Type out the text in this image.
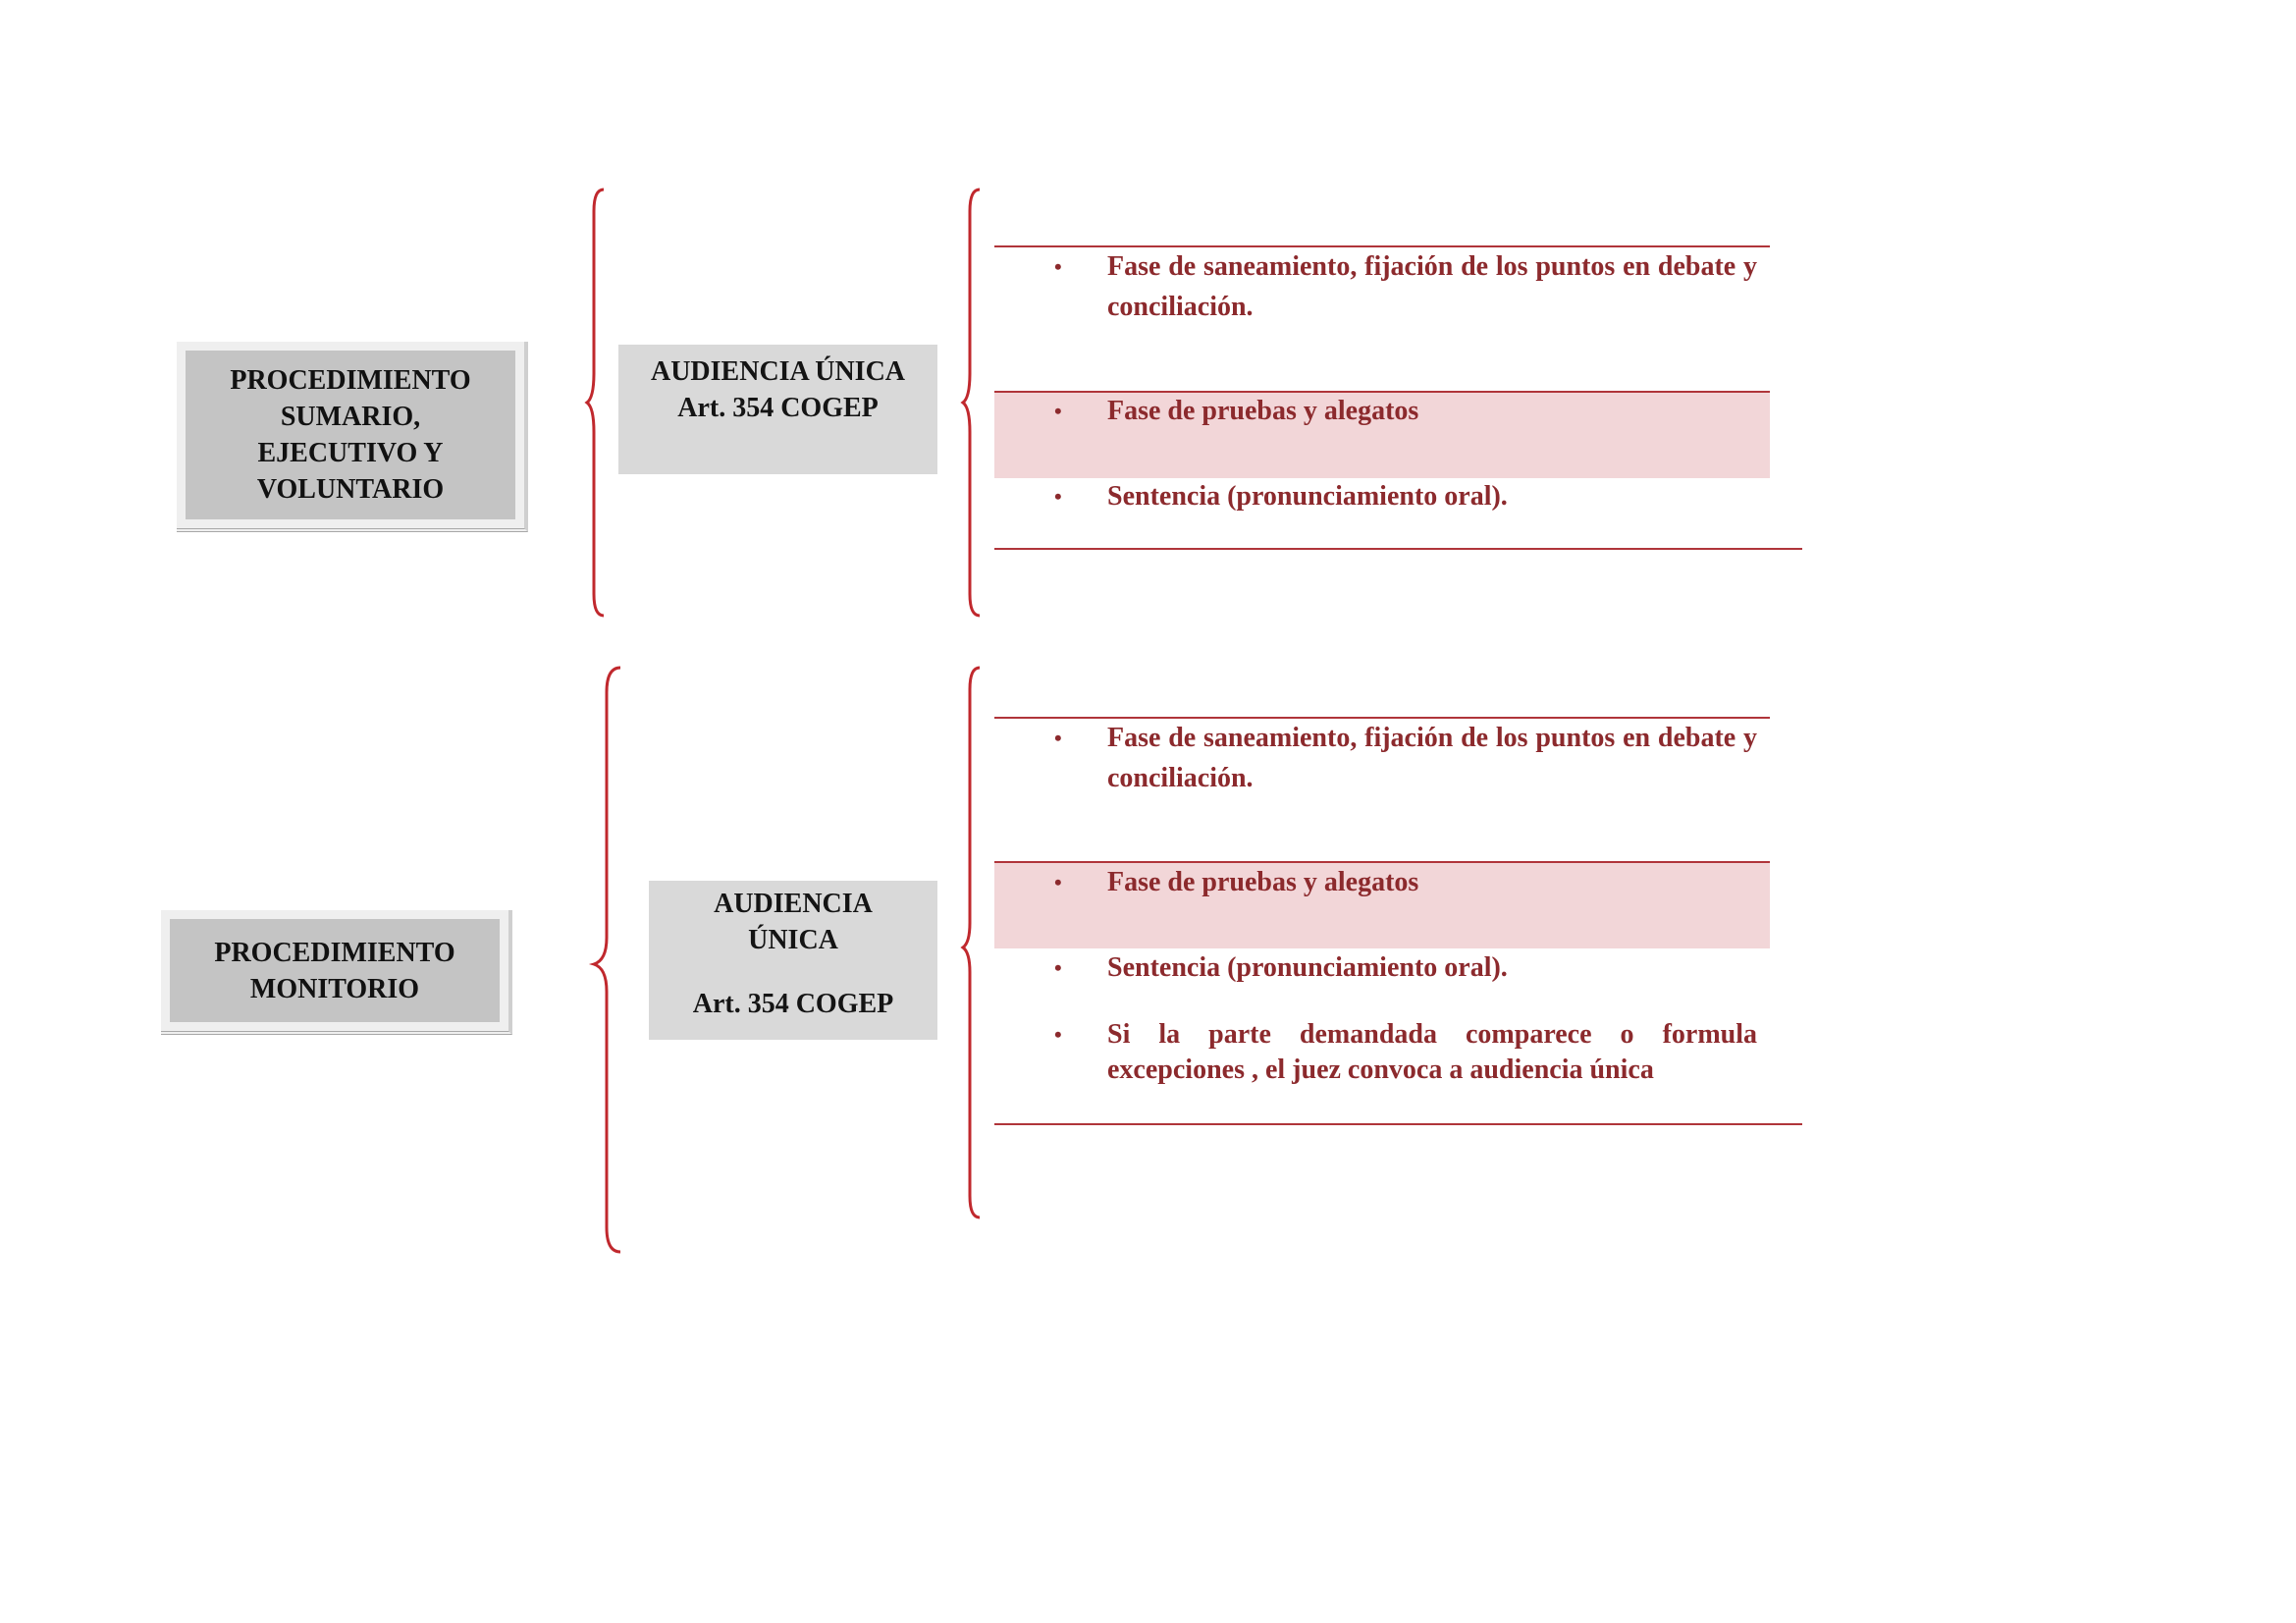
PROCEDIMIENTO
SUMARIO,
EJECUTIVO Y
VOLUNTARIO
AUDIENCIA ÚNICA
Art. 354 COGEP
• Fase de saneamiento, fijación de los puntos en debate y conciliación.
• Fase de pruebas y alegatos
• Sentencia (pronunciamiento oral).
PROCEDIMIENTO
MONITORIO
AUDIENCIA
ÚNICA
Art. 354 COGEP
• Fase de saneamiento, fijación de los puntos en debate y conciliación.
• Fase de pruebas y alegatos
• Sentencia (pronunciamiento oral).
• Si la parte demandada comparece o formula excepciones , el juez convoca a audiencia única
